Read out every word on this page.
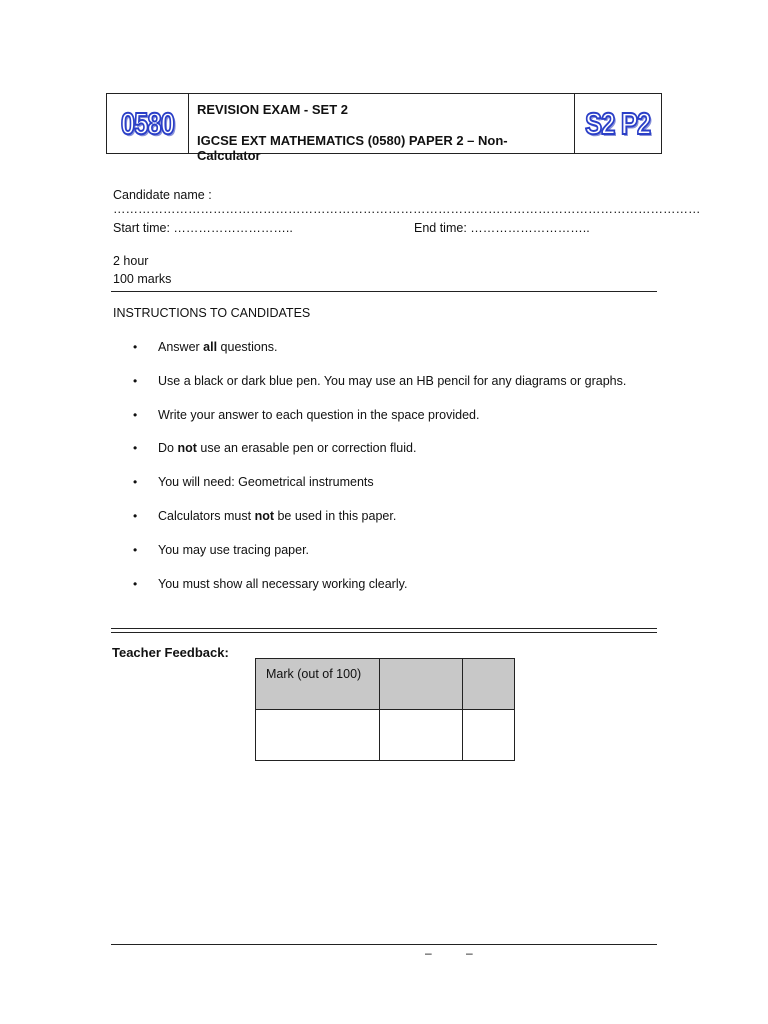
0580 REVISION EXAM - SET 2
IGCSE EXT MATHEMATICS (0580) PAPER 2 – Non-Calculator
S2 P2
Candidate name : ……………………………………………………………………………………………………………………………
Start time: ………………………..	End time: ………………………..
2 hour
100 marks
INSTRUCTIONS TO CANDIDATES
• Answer all questions.
• Use a black or dark blue pen. You may use an HB pencil for any diagrams or graphs.
• Write your answer to each question in the space provided.
• Do not use an erasable pen or correction fluid.
• You will need: Geometrical instruments
• Calculators must not be used in this paper.
• You may use tracing paper.
• You must show all necessary working clearly.
Teacher Feedback:
Mark (out of 100)		

–	–
